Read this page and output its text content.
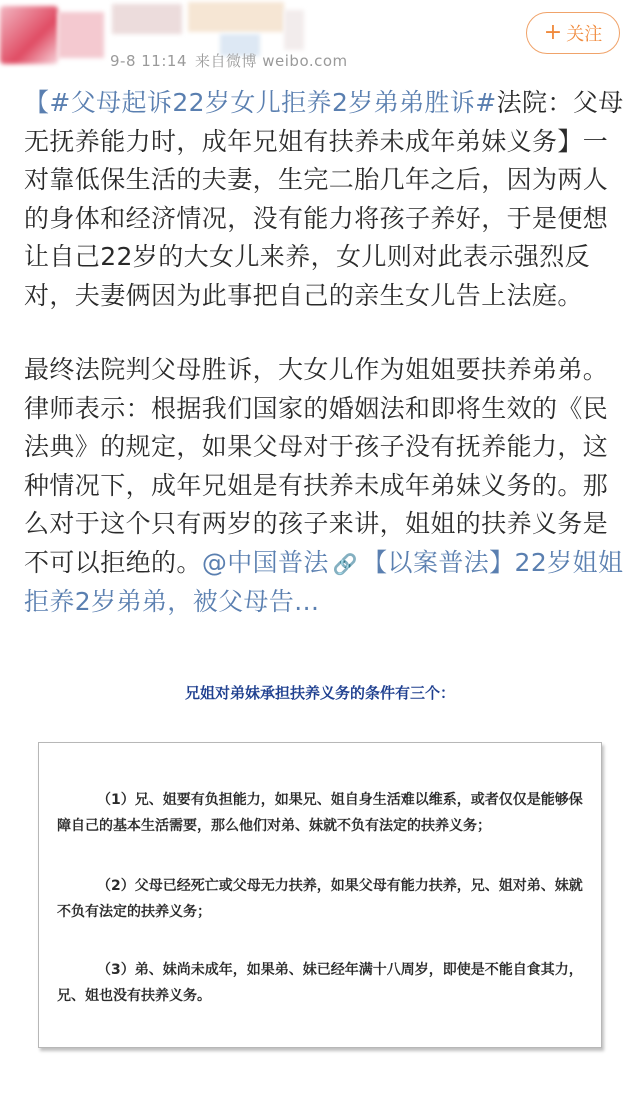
9-8 11:14 来自微博 weibo.com
+ 关注

【#父母起诉22岁女儿拒养2岁弟弟胜诉#法院：父母无抚养能力时，成年兄姐有扶养未成年弟妹义务】一对靠低保生活的夫妻，生完二胎几年之后，因为两人的身体和经济情况，没有能力将孩子养好，于是便想让自己22岁的大女儿来养，女儿则对此表示强烈反对，夫妻俩因为此事把自己的亲生女儿告上法庭。

最终法院判父母胜诉，大女儿作为姐姐要扶养弟弟。律师表示：根据我们国家的婚姻法和即将生效的《民法典》的规定，如果父母对于孩子没有抚养能力，这种情况下，成年兄姐是有扶养未成年弟妹义务的。那么对于这个只有两岁的孩子来讲，姐姐的扶养义务是不可以拒绝的。@中国普法 🔗 【以案普法】22岁姐姐拒养2岁弟弟，被父母告...

兄姐对弟妹承担扶养义务的条件有三个：
（1）兄、姐要有负担能力，如果兄、姐自身生活难以维系，或者仅仅是能够保障自己的基本生活需要，那么他们对弟、妹就不负有法定的扶养义务；
（2）父母已经死亡或父母无力扶养，如果父母有能力扶养，兄、姐对弟、妹就不负有法定的扶养义务；
（3）弟、妹尚未成年，如果弟、妹已经年满十八周岁，即使是不能自食其力，兄、姐也没有扶养义务。
